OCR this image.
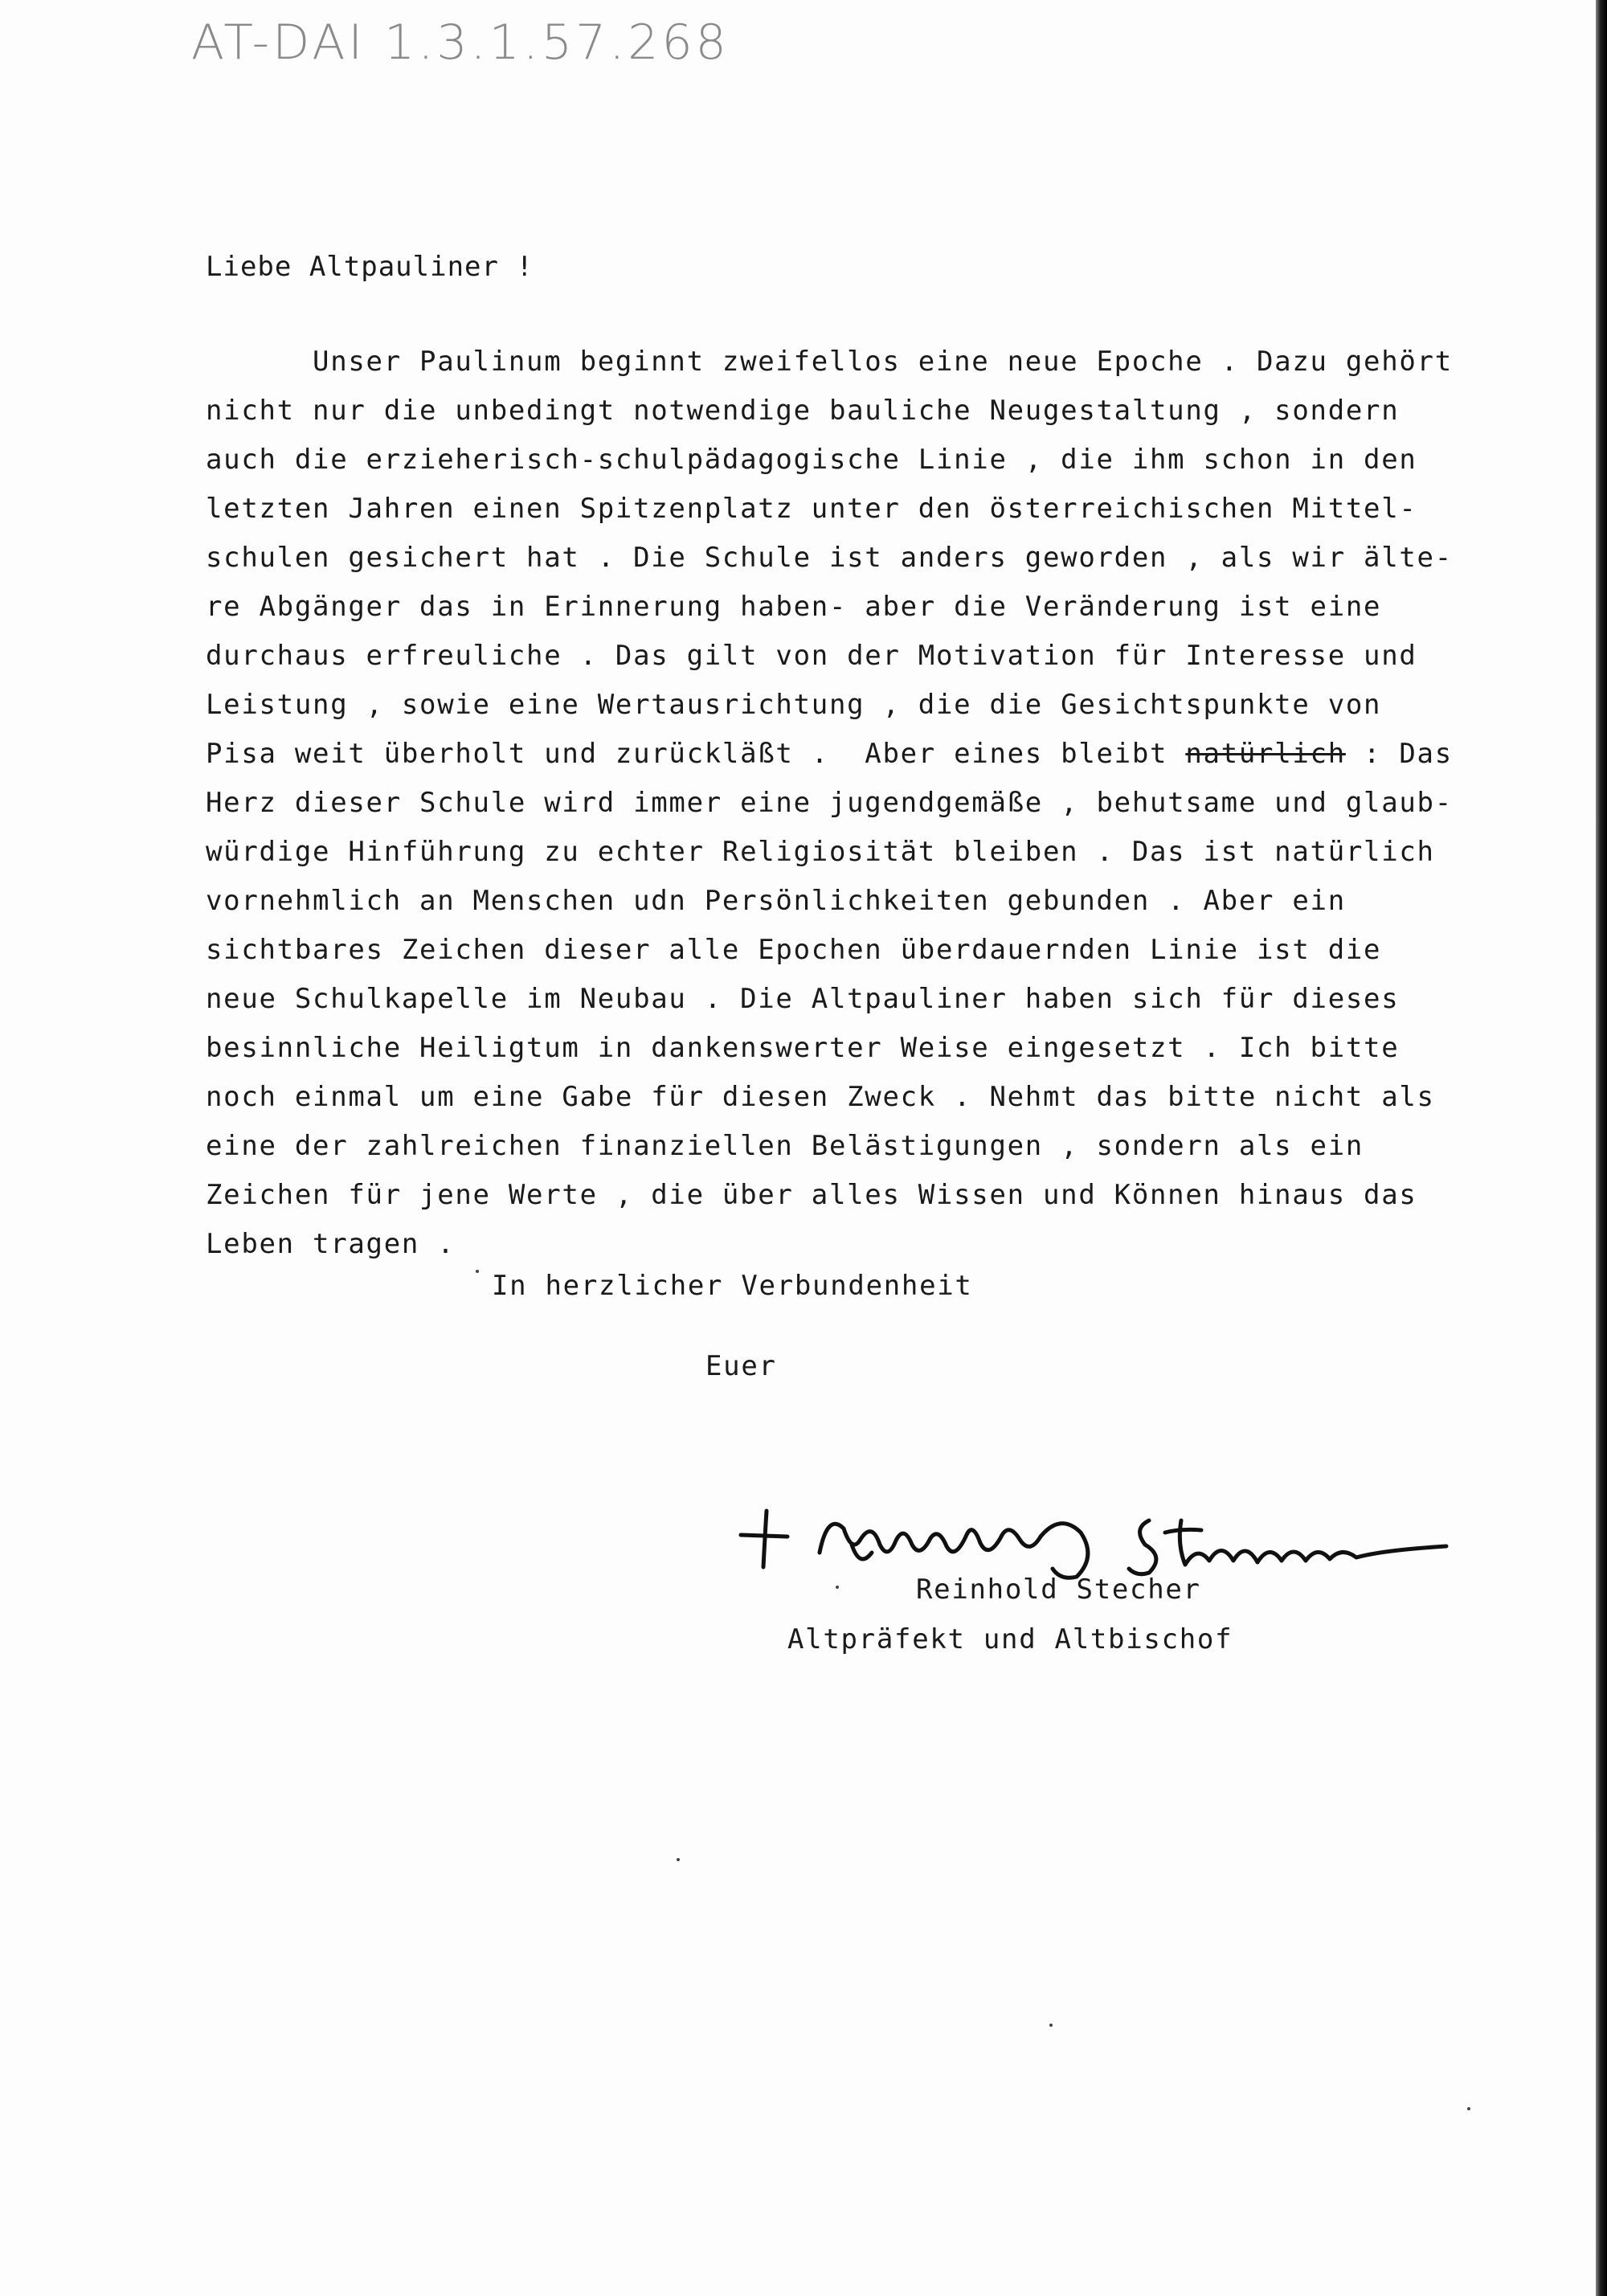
AT-DAI 1.3.1.57.268
Liebe Altpauliner !
Unser Paulinum beginnt zweifellos eine neue Epoche . Dazu gehört
nicht nur die unbedingt notwendige bauliche Neugestaltung , sondern
auch die erzieherisch-schulpädagogische Linie , die ihm schon in den
letzten Jahren einen Spitzenplatz unter den österreichischen Mittel-
schulen gesichert hat . Die Schule ist anders geworden , als wir älte-
re Abgänger das in Erinnerung haben- aber die Veränderung ist eine
durchaus erfreuliche . Das gilt von der Motivation für Interesse und
Leistung , sowie eine Wertausrichtung , die die Gesichtspunkte von
Pisa weit überholt und zurückläßt .  Aber eines bleibt natürlich : Das
Herz dieser Schule wird immer eine jugendgemäße , behutsame und glaub-
würdige Hinführung zu echter Religiosität bleiben . Das ist natürlich
vornehmlich an Menschen udn Persönlichkeiten gebunden . Aber ein
sichtbares Zeichen dieser alle Epochen überdauernden Linie ist die
neue Schulkapelle im Neubau . Die Altpauliner haben sich für dieses
besinnliche Heiligtum in dankenswerter Weise eingesetzt . Ich bitte
noch einmal um eine Gabe für diesen Zweck . Nehmt das bitte nicht als
eine der zahlreichen finanziellen Belästigungen , sondern als ein
Zeichen für jene Werte , die über alles Wissen und Können hinaus das
Leben tragen .
In herzlicher Verbundenheit
Euer
Reinhold Stecher
Altpräfekt und Altbischof
